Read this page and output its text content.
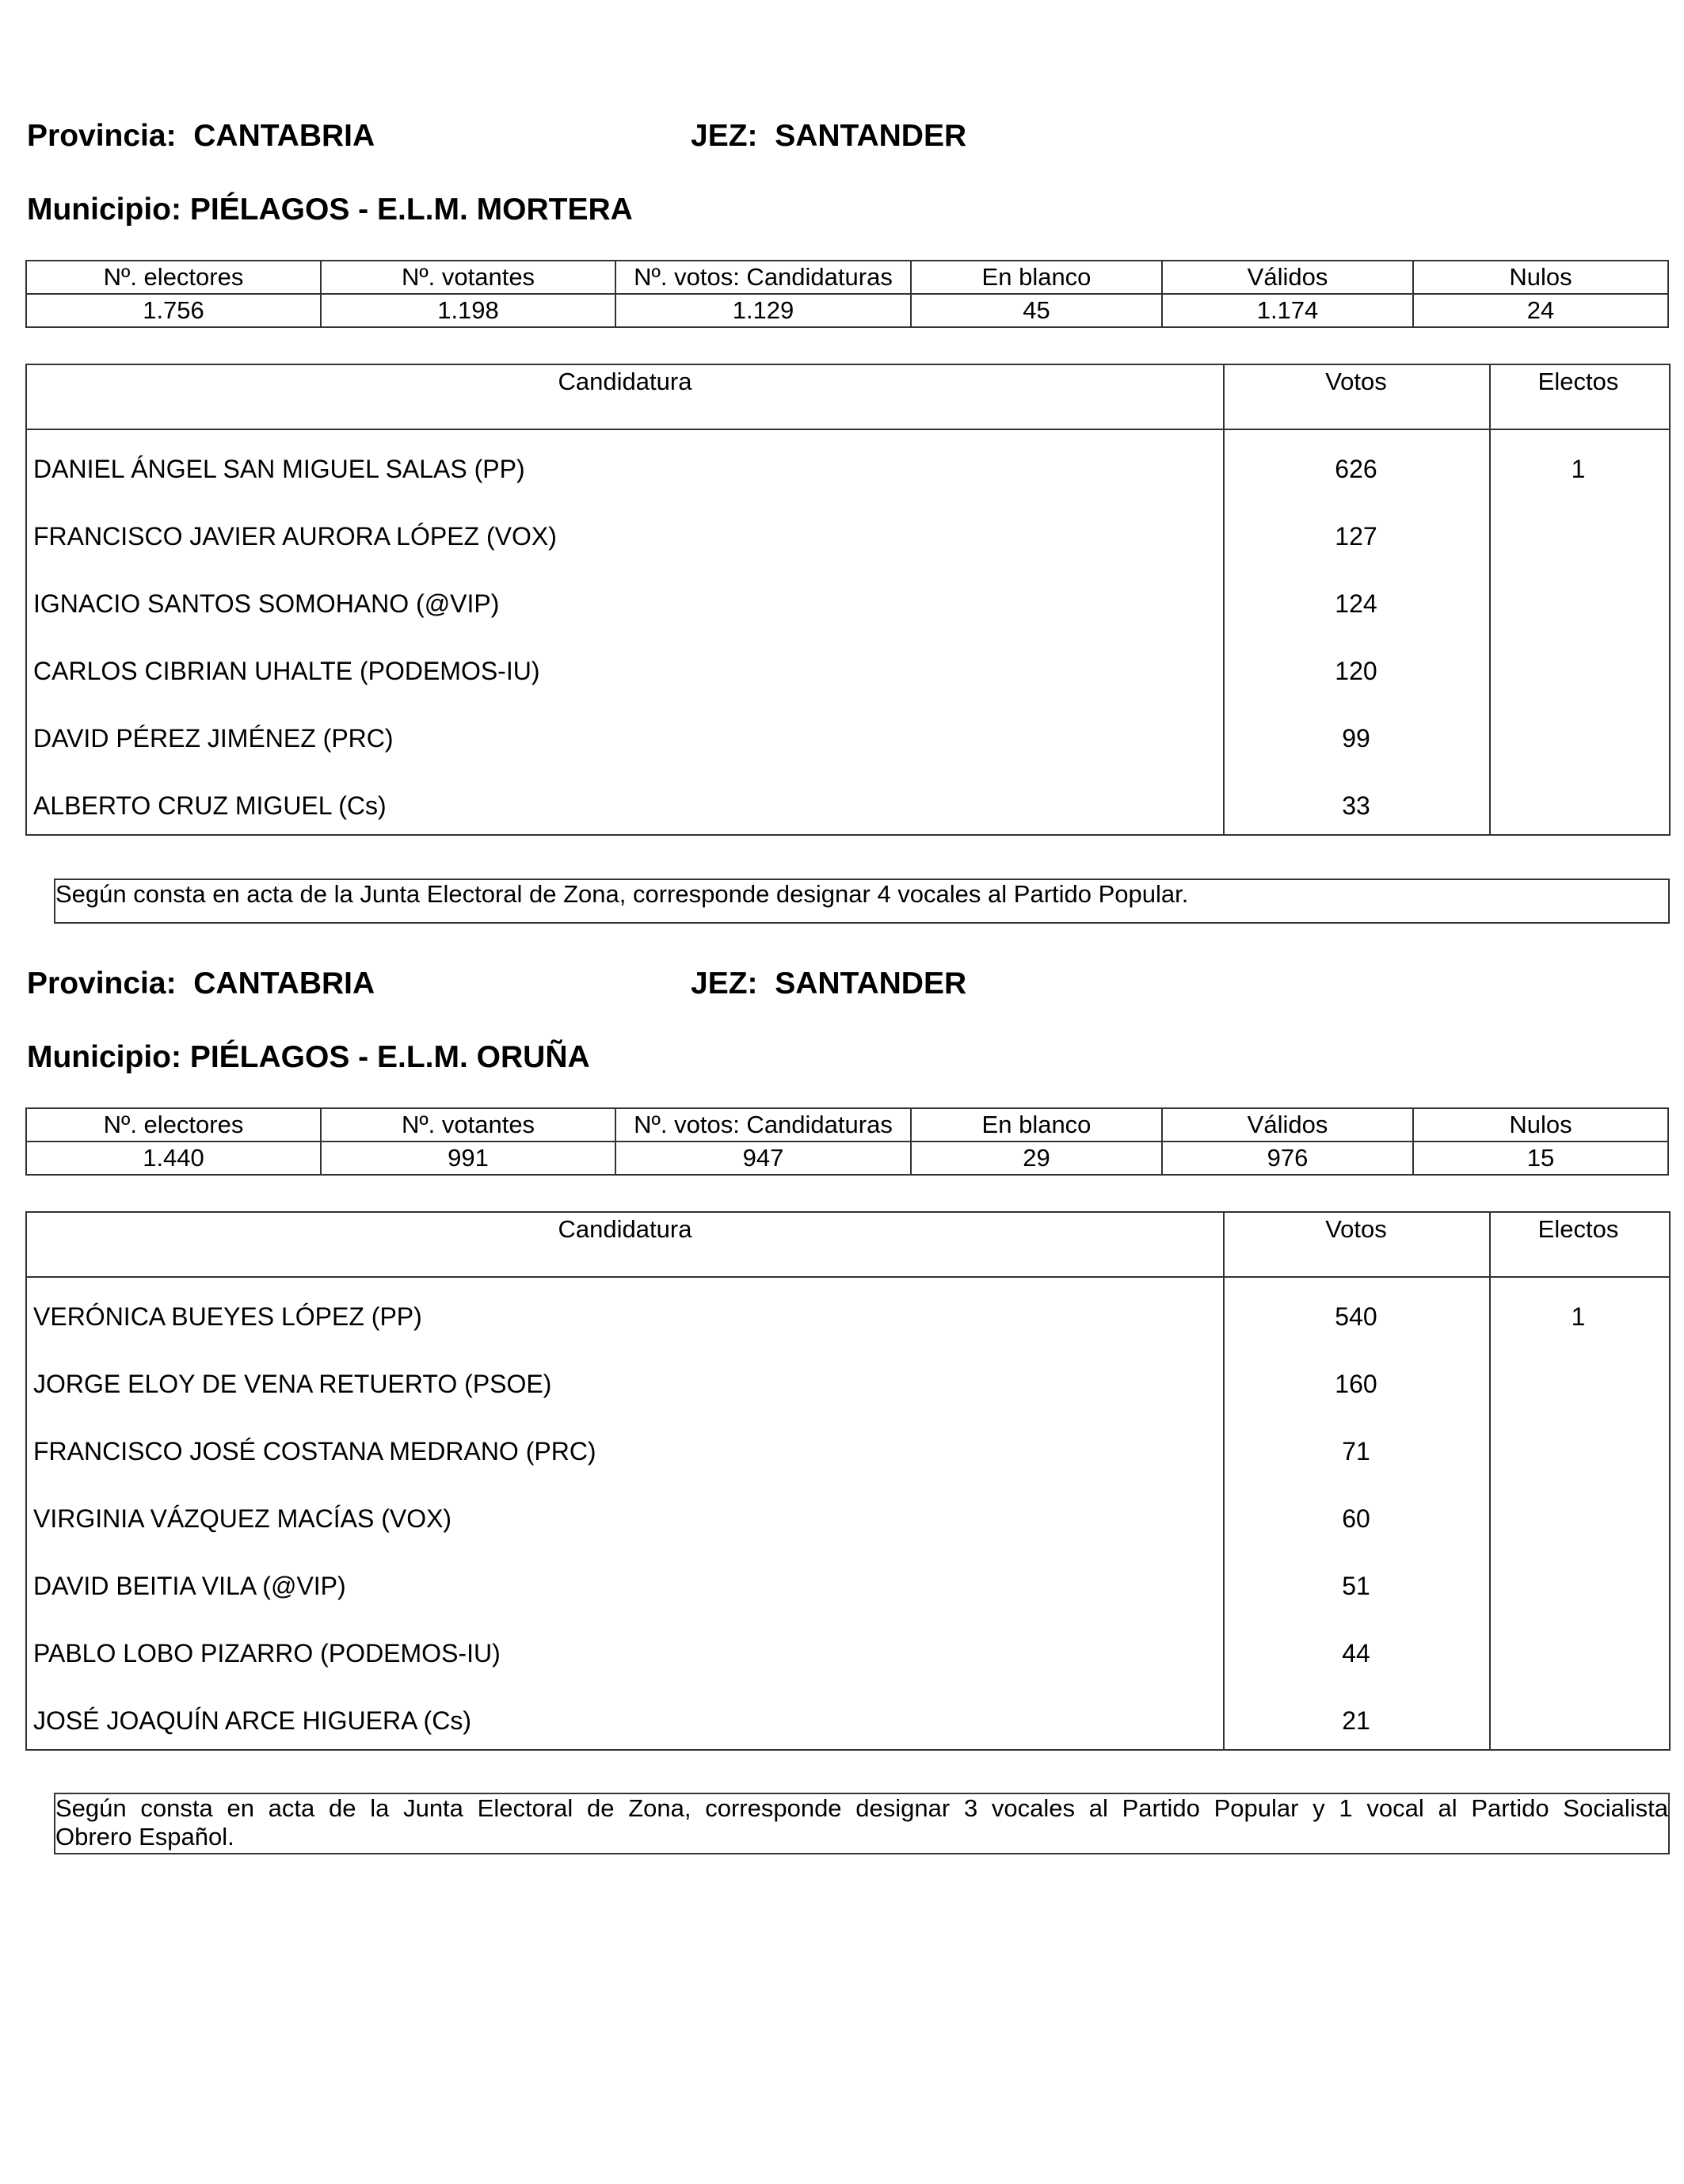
Provincia: CANTABRIA	JEZ: SANTANDER
Municipio: PIÉLAGOS - E.L.M. MORTERA
Nº. electores	Nº. votantes	Nº. votos: Candidaturas	En blanco	Válidos	Nulos
1.756	1.198	1.129	45	1.174	24
Candidatura	Votos	Electos
DANIEL ÁNGEL SAN MIGUEL SALAS (PP)	626	1
FRANCISCO JAVIER AURORA LÓPEZ (VOX)	127
IGNACIO SANTOS SOMOHANO (@VIP)	124
CARLOS CIBRIAN UHALTE (PODEMOS-IU)	120
DAVID PÉREZ JIMÉNEZ (PRC)	99
ALBERTO CRUZ MIGUEL (Cs)	33
Según consta en acta de la Junta Electoral de Zona, corresponde designar 4 vocales al Partido Popular.
Provincia: CANTABRIA	JEZ: SANTANDER
Municipio: PIÉLAGOS - E.L.M. ORUÑA
Nº. electores	Nº. votantes	Nº. votos: Candidaturas	En blanco	Válidos	Nulos
1.440	991	947	29	976	15
Candidatura	Votos	Electos
VERÓNICA BUEYES LÓPEZ (PP)	540	1
JORGE ELOY DE VENA RETUERTO (PSOE)	160
FRANCISCO JOSÉ COSTANA MEDRANO (PRC)	71
VIRGINIA VÁZQUEZ MACÍAS (VOX)	60
DAVID BEITIA VILA (@VIP)	51
PABLO LOBO PIZARRO (PODEMOS-IU)	44
JOSÉ JOAQUÍN ARCE HIGUERA (Cs)	21
Según consta en acta de la Junta Electoral de Zona, corresponde designar 3 vocales al Partido Popular y 1 vocal al Partido Socialista
Obrero Español.
